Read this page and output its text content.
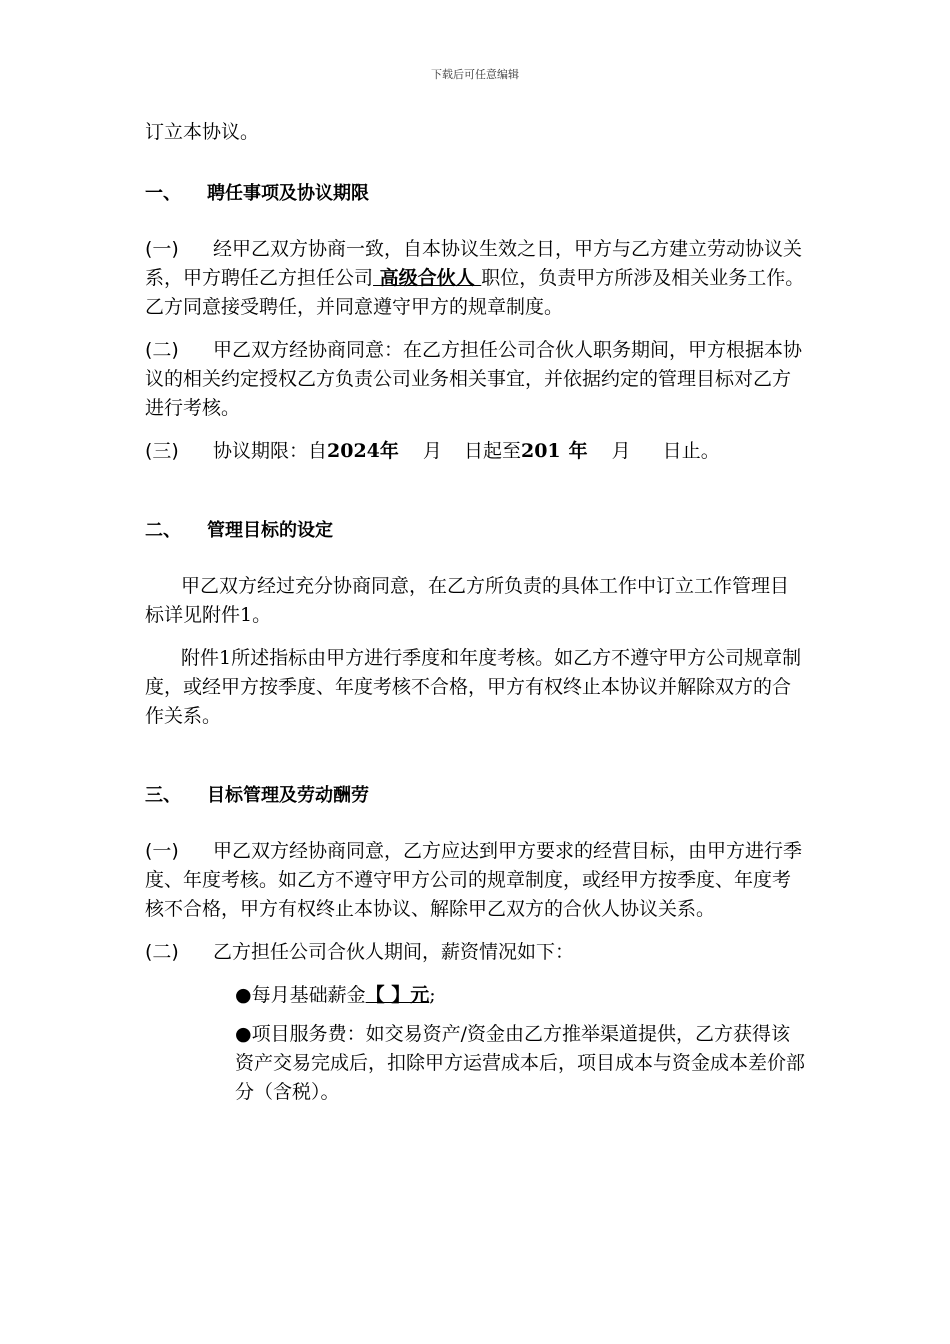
下载后可任意编辑

订立本协议。

一、	聘任事项及协议期限

(一) 经甲乙双方协商一致，自本协议生效之日，甲方与乙方建立劳动协议关系，甲方聘任乙方担任公司 高级合伙人 职位，负责甲方所涉及相关业务工作。乙方同意接受聘任，并同意遵守甲方的规章制度。

(二) 甲乙双方经协商同意：在乙方担任公司合伙人职务期间，甲方根据本协议的相关约定授权乙方负责公司业务相关事宜，并依据约定的管理目标对乙方进行考核。

(三) 协议期限：自2024年 月 日起至201 年 月 日止。

二、	管理目标的设定

甲乙双方经过充分协商同意，在乙方所负责的具体工作中订立工作管理目标详见附件1。

附件1所述指标由甲方进行季度和年度考核。如乙方不遵守甲方公司规章制度，或经甲方按季度、年度考核不合格，甲方有权终止本协议并解除双方的合作关系。

三、	目标管理及劳动酬劳

(一) 甲乙双方经协商同意，乙方应达到甲方要求的经营目标，由甲方进行季度、年度考核。如乙方不遵守甲方公司的规章制度，或经甲方按季度、年度考核不合格，甲方有权终止本协议、解除甲乙双方的合伙人协议关系。

(二) 乙方担任公司合伙人期间，薪资情况如下：

●每月基础薪金【 】元;

●项目服务费：如交易资产/资金由乙方推举渠道提供，乙方获得该资产交易完成后，扣除甲方运营成本后，项目成本与资金成本差价部分（含税）。
